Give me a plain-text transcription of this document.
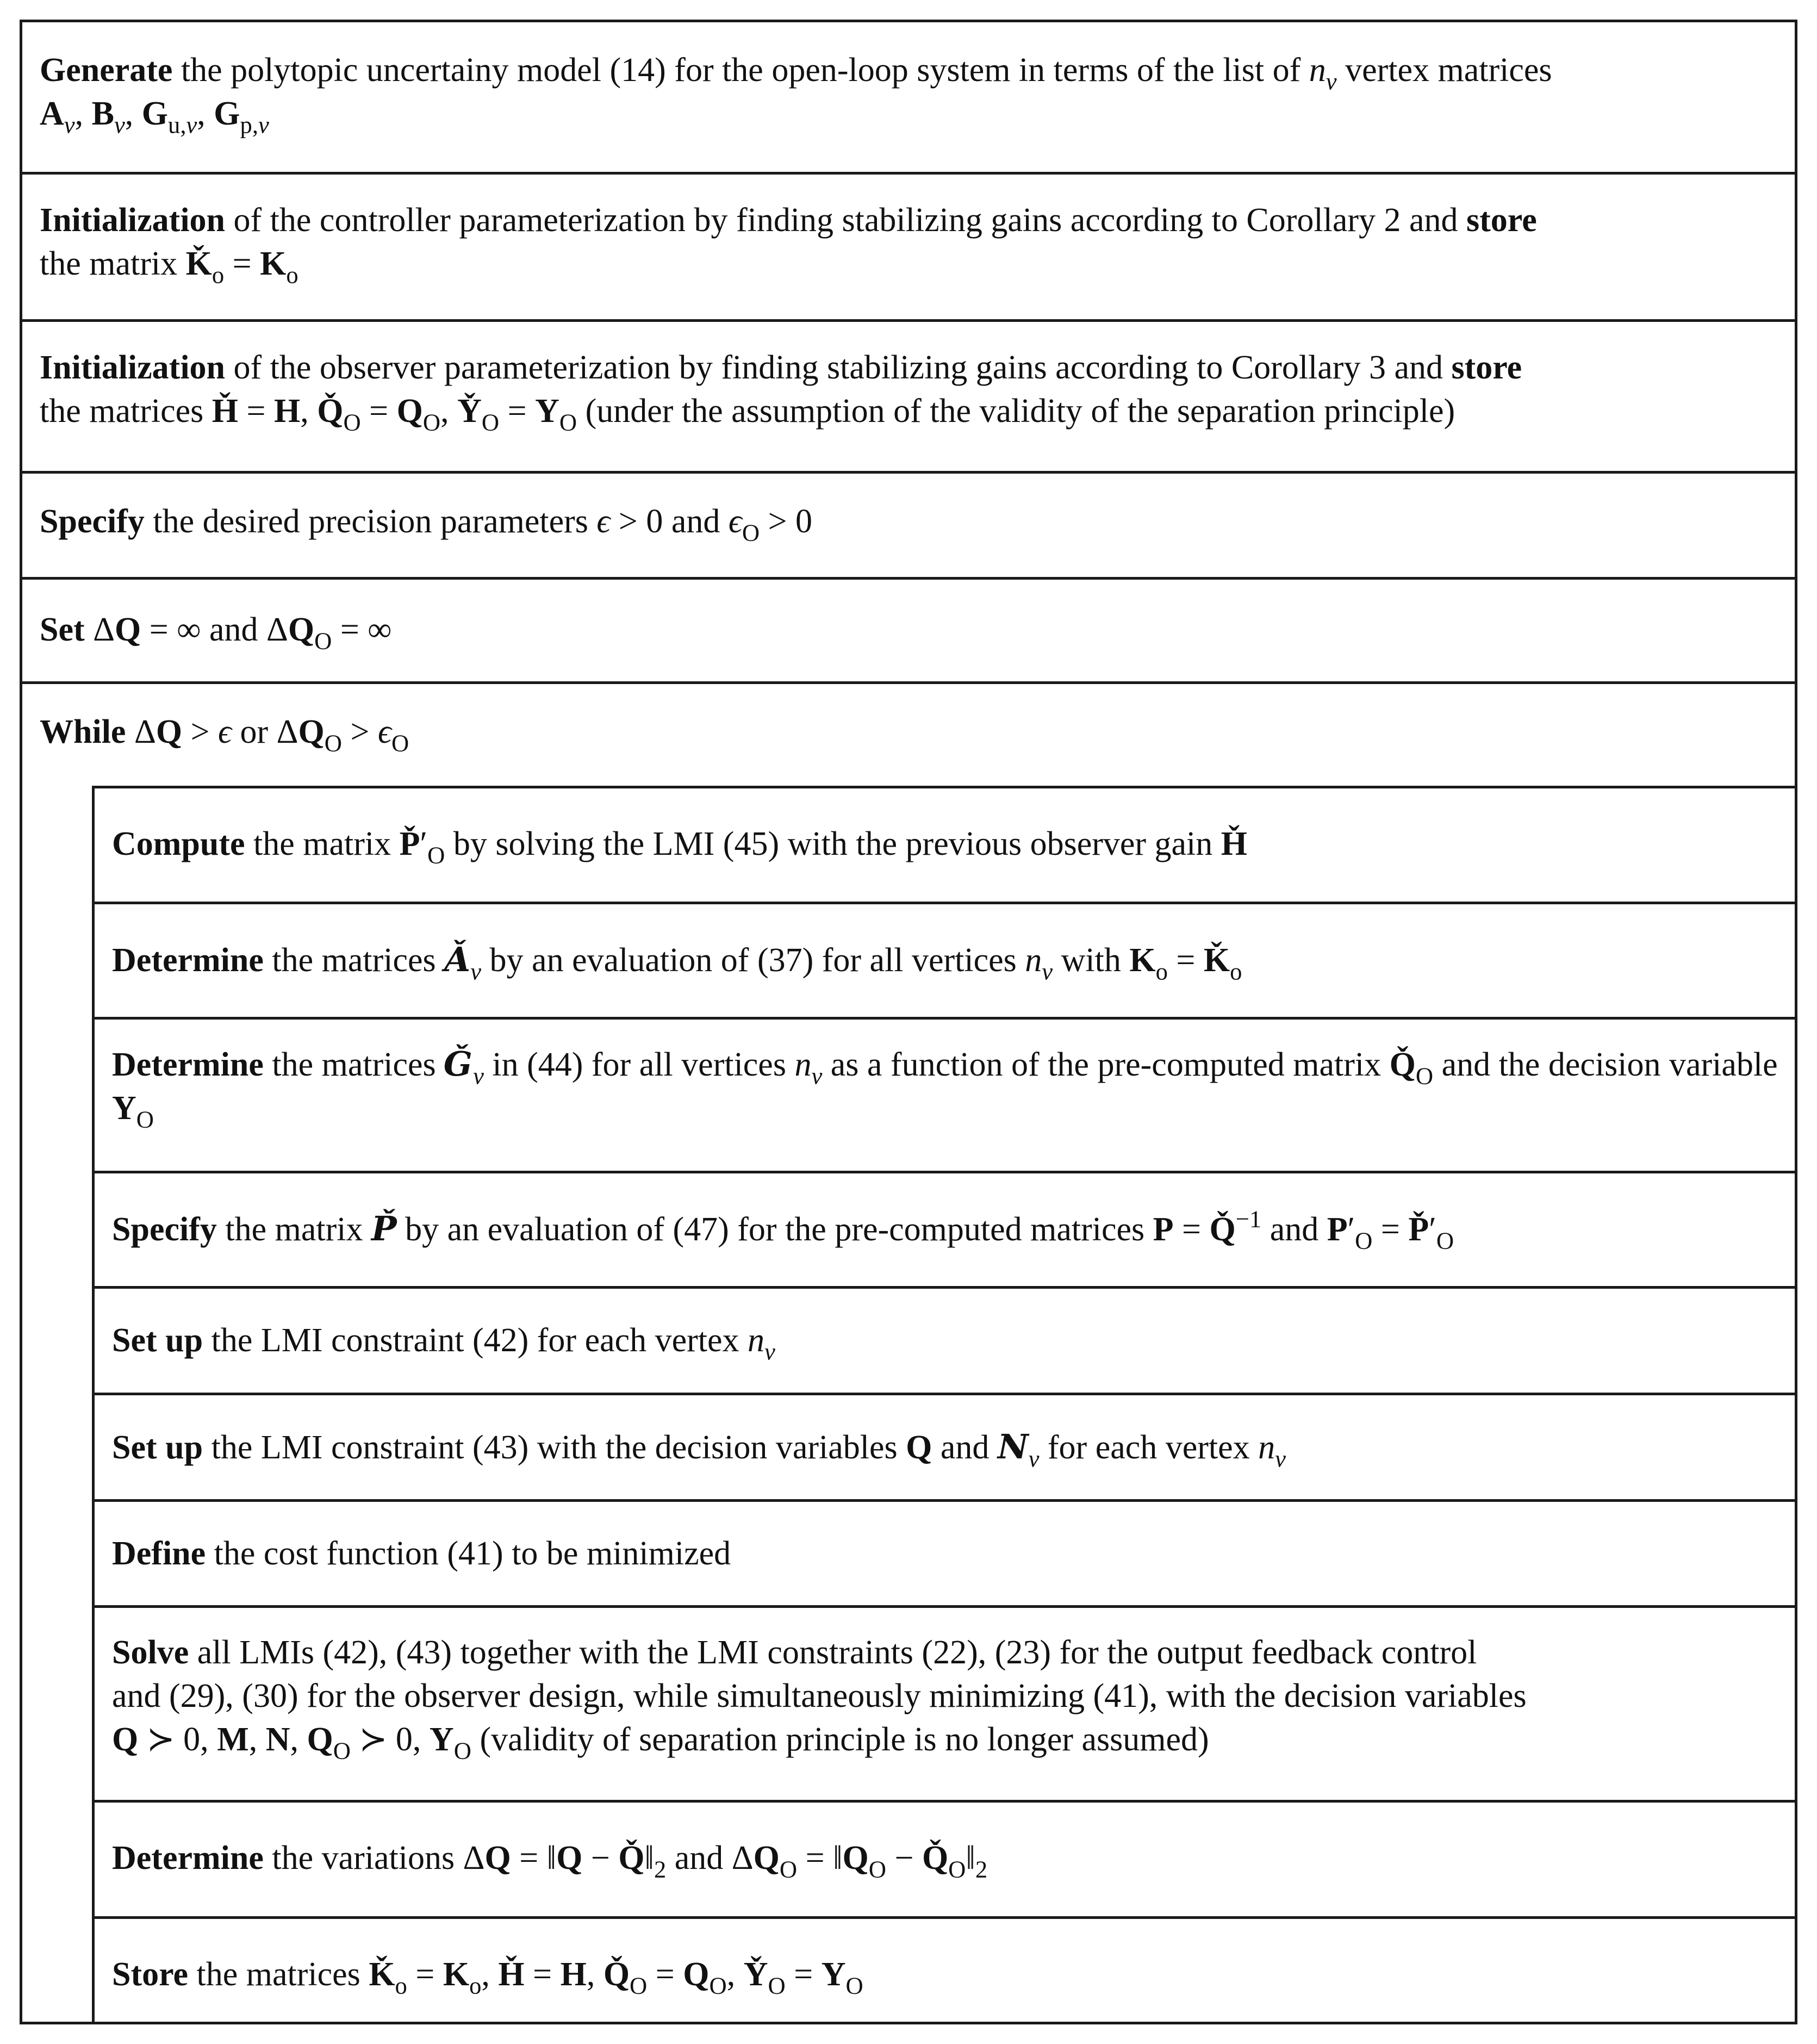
Generate the polytopic uncertainy model (14) for the open-loop system in terms of the list of $n_v$ vertex matrices
$A_v$, $B_v$, $G_{u,v}$, $G_{p,v}$
Initialization of the controller parameterization by finding stabilizing gains according to Corollary 2 and store
the matrix $Ǩ_o = K_o$
Initialization of the observer parameterization by finding stabilizing gains according to Corollary 3 and store
the matrices Ȟ = H, $Q̌_O = Q_O$, $Y̌_O = Y_O$ (under the assumption of the validity of the separation principle)
Specify the desired precision parameters ϵ > 0 and $\epsilon_O > 0$
Set ΔQ = ∞ and $\Delta Q_O$ = ∞
While ΔQ > ϵ or $\Delta Q_O > \epsilon_O$
Compute the matrix $P̌'_O$ by solving the LMI (45) with the previous observer gain Ȟ
Determine the matrices $Ǎ_v$ by an evaluation of (37) for all vertices $n_v$ with $K_o$ = $Ǩ_o$
Determine the matrices $Ǧ_v$ in (44) for all vertices $n_v$ as a function of the pre-computed matrix $Q̌_O$ and the decision variable $Y_O$
Specify the matrix P̌ by an evaluation of (47) for the pre-computed matrices P = Q̌$^{-1}$ and $P'_O$ = $P̌'_O$
Set up the LMI constraint (42) for each vertex $n_v$
Set up the LMI constraint (43) with the decision variables Q and $N_v$ for each vertex $n_v$
Define the cost function (41) to be minimized
Solve all LMIs (42), (43) together with the LMI constraints (22), (23) for the output feedback control
and (29), (30) for the observer design, while simultaneously minimizing (41), with the decision variables
Q ≻ 0, M, N, $Q_O$ ≻ 0, $Y_O$ (validity of separation principle is no longer assumed)
Determine the variations ΔQ = ‖Q − $Q̌‖_2$ and $\Delta Q_O$ = $‖Q_O$ − $Q̌_O‖_2$
Store the matrices $Ǩ_o = K_o$, Ȟ = H, $Q̌_O = Q_O$, $Y̌_O = Y_O$
